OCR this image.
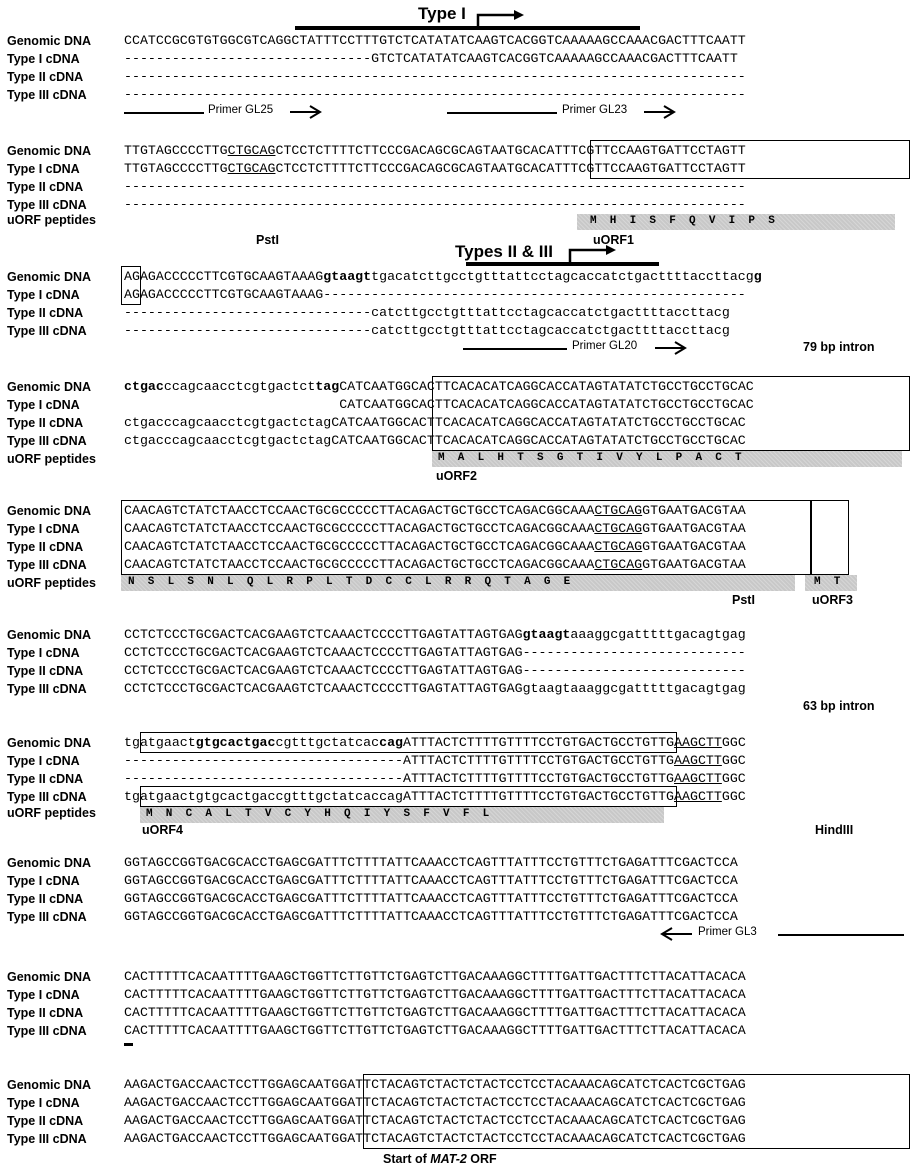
Type I
Genomic DNA CCATCCGCGTGTGGCGTCAGGCTATTTCCTTTGTCTCATATATCAAGTCACGGTCAAAAAGCCAAACGACTTTCAATT
Type I cDNA	-------------------------------GTCTCATATATCAAGTCACGGTCAAAAAGCCAAACGACTTTCAATT
Type II cDNA	------------------------------------------------------------------------------
Type III cDNA	------------------------------------------------------------------------------
Primer GL25	Primer GL23
Genomic DNA TTGTAGCCCCTTGCTGCAGCTCCTCTTTTCTTCCCGACAGCGCAGTAATGCACATTTCGTTCCAAGTGATTCCTAGTT
Type I cDNA	TTGTAGCCCCTTGCTGCAGCTCCTCTTTTCTTCCCGACAGCGCAGTAATGCACATTTCGTTCCAAGTGATTCCTAGTT
Type II cDNA	------------------------------------------------------------------------------
Type III cDNA	------------------------------------------------------------------------------
uORF peptides	M  H  I  S  F  Q  V  I  P  S
PstI	uORF1
Types II & III
Genomic DNA AGAGACCCCCTTCGTGCAAGTAAAGgtaagttgacatcttgcctgtttattcctagcaccatctgacttttaccttacgg
Type I cDNA	AGAGACCCCCTTCGTGCAAGTAAAG-----------------------------------------------------
Type II cDNA	-------------------------------catcttgcctgtttattcctagcaccatctgacttttaccttacg
Type III cDNA	-------------------------------catcttgcctgtttattcctagcaccatctgacttttaccttacg
Primer GL20	79 bp intron
Genomic DNA ctgacccagcaacctcgtgactcttagCATCAATGGCACTTCACACATCAGGCACCATAGTATATCTGCCTGCCTGCAC
Type I cDNA	CATCAATGGCACTTCACACATCAGGCACCATAGTATATCTGCCTGCCTGCAC
Type II cDNA	ctgacccagcaacctcgtgactctagCATCAATGGCACTTCACACATCAGGCACCATAGTATATCTGCCTGCCTGCAC
Type III cDNA	ctgacccagcaacctcgtgactctagCATCAATGGCACTTCACACATCAGGCACCATAGTATATCTGCCTGCCTGCAC
uORF peptides	M  A  L  H  T  S  G  T  I  V  Y  L  P  A  C  T
uORF2
Genomic DNA CAACAGTCTATCTAACCTCCAACTGCGCCCCCTTACAGACTGCTGCCTCAGACGGCAAACTGCAGGTGAATGACGTAA
Type I cDNA	CAACAGTCTATCTAACCTCCAACTGCGCCCCCTTACAGACTGCTGCCTCAGACGGCAAACTGCAGGTGAATGACGTAA
Type II cDNA	CAACAGTCTATCTAACCTCCAACTGCGCCCCCTTACAGACTGCTGCCTCAGACGGCAAACTGCAGGTGAATGACGTAA
Type III cDNA	CAACAGTCTATCTAACCTCCAACTGCGCCCCCTTACAGACTGCTGCCTCAGACGGCAAACTGCAGGTGAATGACGTAA
uORF peptides	N  S  L  S  N  L  Q  L  R  P  L  T  D  C  C  L  R  R  Q  T  A  G  E	M  T
PstI	uORF3
Genomic DNA CCTCTCCCTGCGACTCACGAAGTCTCAAACTCCCCTTGAGTATTAGTGAGgtaagtaaaggcgatttttgacagtgag
Type I cDNA	CCTCTCCCTGCGACTCACGAAGTCTCAAACTCCCCTTGAGTATTAGTGAG----------------------------
Type II cDNA	CCTCTCCCTGCGACTCACGAAGTCTCAAACTCCCCTTGAGTATTAGTGAG----------------------------
Type III cDNA	CCTCTCCCTGCGACTCACGAAGTCTCAAACTCCCCTTGAGTATTAGTGAGgtaagtaaaggcgatttttgacagtgag
63 bp intron
Genomic DNA tgatgaactgtgcactgaccgtttgctatcaccagATTTACTCTTTTGTTTTCCTGTGACTGCCTGTTGAAGCTTGGC
Type I cDNA	-----------------------------------ATTTACTCTTTTGTTTTCCTGTGACTGCCTGTTGAAGCTTGGC
Type II cDNA	-----------------------------------ATTTACTCTTTTGTTTTCCTGTGACTGCCTGTTGAAGCTTGGC
Type III cDNA	tgatgaactgtgcactgaccgtttgctatcaccagATTTACTCTTTTGTTTTCCTGTGACTGCCTGTTGAAGCTTGGC
uORF peptides	M  N  C  A  L  T  V  C  Y  H  Q  I  Y  S  F  V  F  L
uORF4	HindIII
Genomic DNA GGTAGCCGGTGACGCACCTGAGCGATTTCTTTTATTCAAACCTCAGTTTATTTCCTGTTTCTGAGATTTCGACTCCA
Type I cDNA	GGTAGCCGGTGACGCACCTGAGCGATTTCTTTTATTCAAACCTCAGTTTATTTCCTGTTTCTGAGATTTCGACTCCA
Type II cDNA	GGTAGCCGGTGACGCACCTGAGCGATTTCTTTTATTCAAACCTCAGTTTATTTCCTGTTTCTGAGATTTCGACTCCA
Type III cDNA	GGTAGCCGGTGACGCACCTGAGCGATTTCTTTTATTCAAACCTCAGTTTATTTCCTGTTTCTGAGATTTCGACTCCA
Primer GL3
Genomic DNA CACTTTTTCACAATTTTGAAGCTGGTTCTTGTTCTGAGTCTTGACAAAGGCTTTTGATTGACTTTCTTACATTACACA
Type I cDNA	CACTTTTTCACAATTTTGAAGCTGGTTCTTGTTCTGAGTCTTGACAAAGGCTTTTGATTGACTTTCTTACATTACACA
Type II cDNA	CACTTTTTCACAATTTTGAAGCTGGTTCTTGTTCTGAGTCTTGACAAAGGCTTTTGATTGACTTTCTTACATTACACA
Type III cDNA	CACTTTTTCACAATTTTGAAGCTGGTTCTTGTTCTGAGTCTTGACAAAGGCTTTTGATTGACTTTCTTACATTACACA
Genomic DNA AAGACTGACCAACTCCTTGGAGCAATGGATTCTACAGTCTACTCTACTCCTCCTACAAACAGCATCTCACTCGCTGAG
Type I cDNA	AAGACTGACCAACTCCTTGGAGCAATGGATTCTACAGTCTACTCTACTCCTCCTACAAACAGCATCTCACTCGCTGAG
Type II cDNA	AAGACTGACCAACTCCTTGGAGCAATGGATTCTACAGTCTACTCTACTCCTCCTACAAACAGCATCTCACTCGCTGAG
Type III cDNA	AAGACTGACCAACTCCTTGGAGCAATGGATTCTACAGTCTACTCTACTCCTCCTACAAACAGCATCTCACTCGCTGAG
Start of MAT-2 ORF
